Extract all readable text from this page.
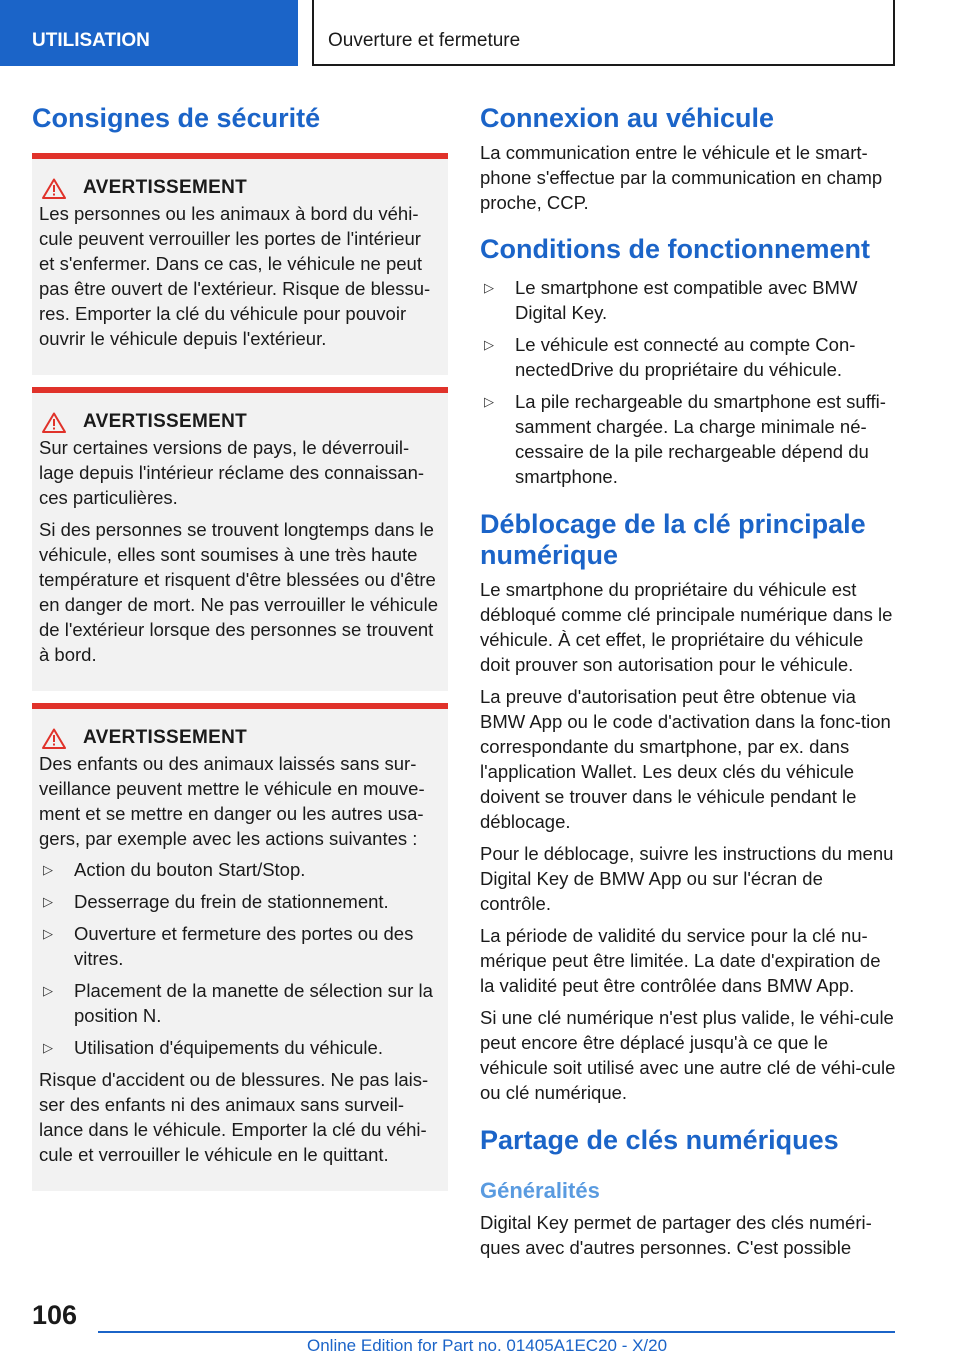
UTILISATION	Ouverture et fermeture
Consignes de sécurité
AVERTISSEMENT

Les personnes ou les animaux à bord du véhi-cule peuvent verrouiller les portes de l'intérieur et s'enfermer. Dans ce cas, le véhicule ne peut pas être ouvert de l'extérieur. Risque de blessu-res. Emporter la clé du véhicule pour pouvoir ouvrir le véhicule depuis l'extérieur.

AVERTISSEMENT

Sur certaines versions de pays, le déverrouil-lage depuis l'intérieur réclame des connaissan-ces particulières.

Si des personnes se trouvent longtemps dans le véhicule, elles sont soumises à une très haute température et risquent d'être blessées ou d'être en danger de mort. Ne pas verrouiller le véhicule de l'extérieur lorsque des personnes se trouvent à bord.

AVERTISSEMENT

Des enfants ou des animaux laissés sans sur-veillance peuvent mettre le véhicule en mouve-ment et se mettre en danger ou les autres usa-gers, par exemple avec les actions suivantes :

▷ Action du bouton Start/Stop.
▷ Desserrage du frein de stationnement.
▷ Ouverture et fermeture des portes ou des vitres.
▷ Placement de la manette de sélection sur la position N.
▷ Utilisation d'équipements du véhicule.

Risque d'accident ou de blessures. Ne pas lais-ser des enfants ni des animaux sans surveil-lance dans le véhicule. Emporter la clé du véhi-cule et verrouiller le véhicule en le quittant.

Connexion au véhicule

La communication entre le véhicule et le smart-phone s'effectue par la communication en champ proche, CCP.

Conditions de fonctionnement
▷ Le smartphone est compatible avec BMW Digital Key.
▷ Le véhicule est connecté au compte Con-nectedDrive du propriétaire du véhicule.
▷ La pile rechargeable du smartphone est suffi-samment chargée. La charge minimale né-cessaire de la pile rechargeable dépend du smartphone.
Déblocage de la clé principale numérique

Le smartphone du propriétaire du véhicule est débloqué comme clé principale numérique dans le véhicule. À cet effet, le propriétaire du véhicule doit prouver son autorisation pour le véhicule.

La preuve d'autorisation peut être obtenue via BMW App ou le code d'activation dans la fonc-tion correspondante du smartphone, par ex. dans l'application Wallet. Les deux clés du véhicule doivent se trouver dans le véhicule pendant le déblocage.

Pour le déblocage, suivre les instructions du menu Digital Key de BMW App ou sur l'écran de contrôle.

La période de validité du service pour la clé nu-mérique peut être limitée. La date d'expiration de la validité peut être contrôlée dans BMW App.

Si une clé numérique n'est plus valide, le véhi-cule peut encore être déplacé jusqu'à ce que le véhicule soit utilisé avec une autre clé de véhi-cule ou clé numérique.

Partage de clés numériques
Généralités

Digital Key permet de partager des clés numéri-ques avec d'autres personnes. C'est possible

106
Online Edition for Part no. 01405A1EC20 - X/20
